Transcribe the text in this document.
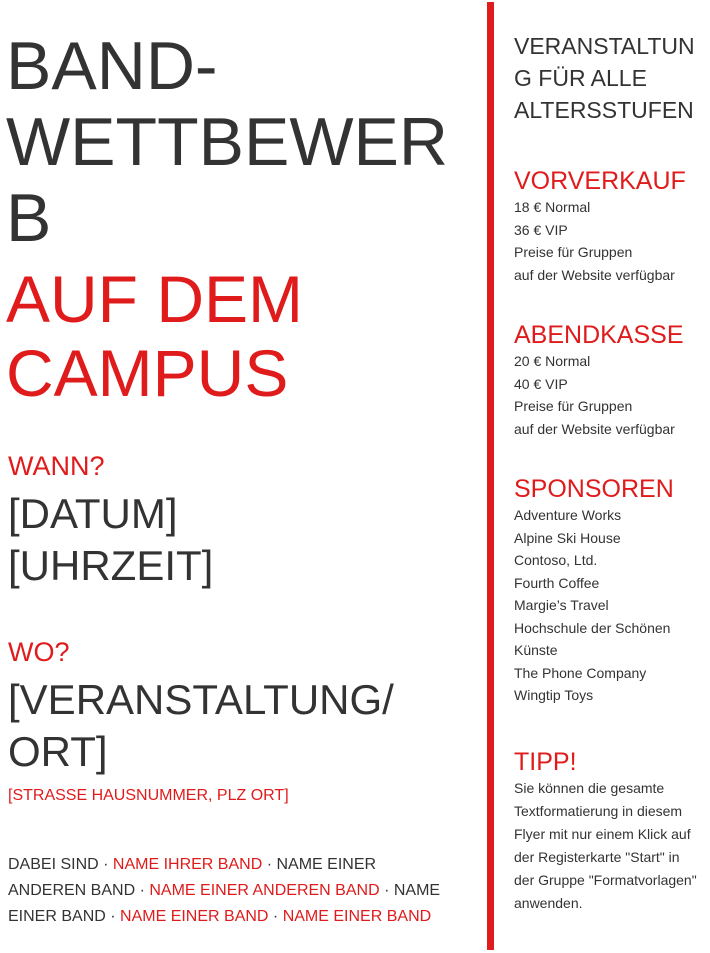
BAND-
WETTBEWER
B
AUF DEM
CAMPUS
WANN?
[DATUM]
[UHRZEIT]
WO?
[VERANSTALTUNG/
ORT]
[STRASSE HAUSNUMMER, PLZ ORT]
DABEI SIND · NAME IHRER BAND · NAME EINER ANDEREN BAND · NAME EINER ANDEREN BAND · NAME EINER BAND · NAME EINER BAND · NAME EINER BAND
VERANSTALTUN
G FÜR ALLE
ALTERSSTUFEN
VORVERKAUF
18 € Normal
36 € VIP
Preise für Gruppen
auf der Website verfügbar
ABENDKASSE
20 € Normal
40 € VIP
Preise für Gruppen
auf der Website verfügbar
SPONSOREN
Adventure Works
Alpine Ski House
Contoso, Ltd.
Fourth Coffee
Margie’s Travel
Hochschule der Schönen
Künste
The Phone Company
Wingtip Toys
TIPP!
Sie können die gesamte
Textformatierung in diesem
Flyer mit nur einem Klick auf
der Registerkarte "Start" in
der Gruppe "Formatvorlagen"
anwenden.
